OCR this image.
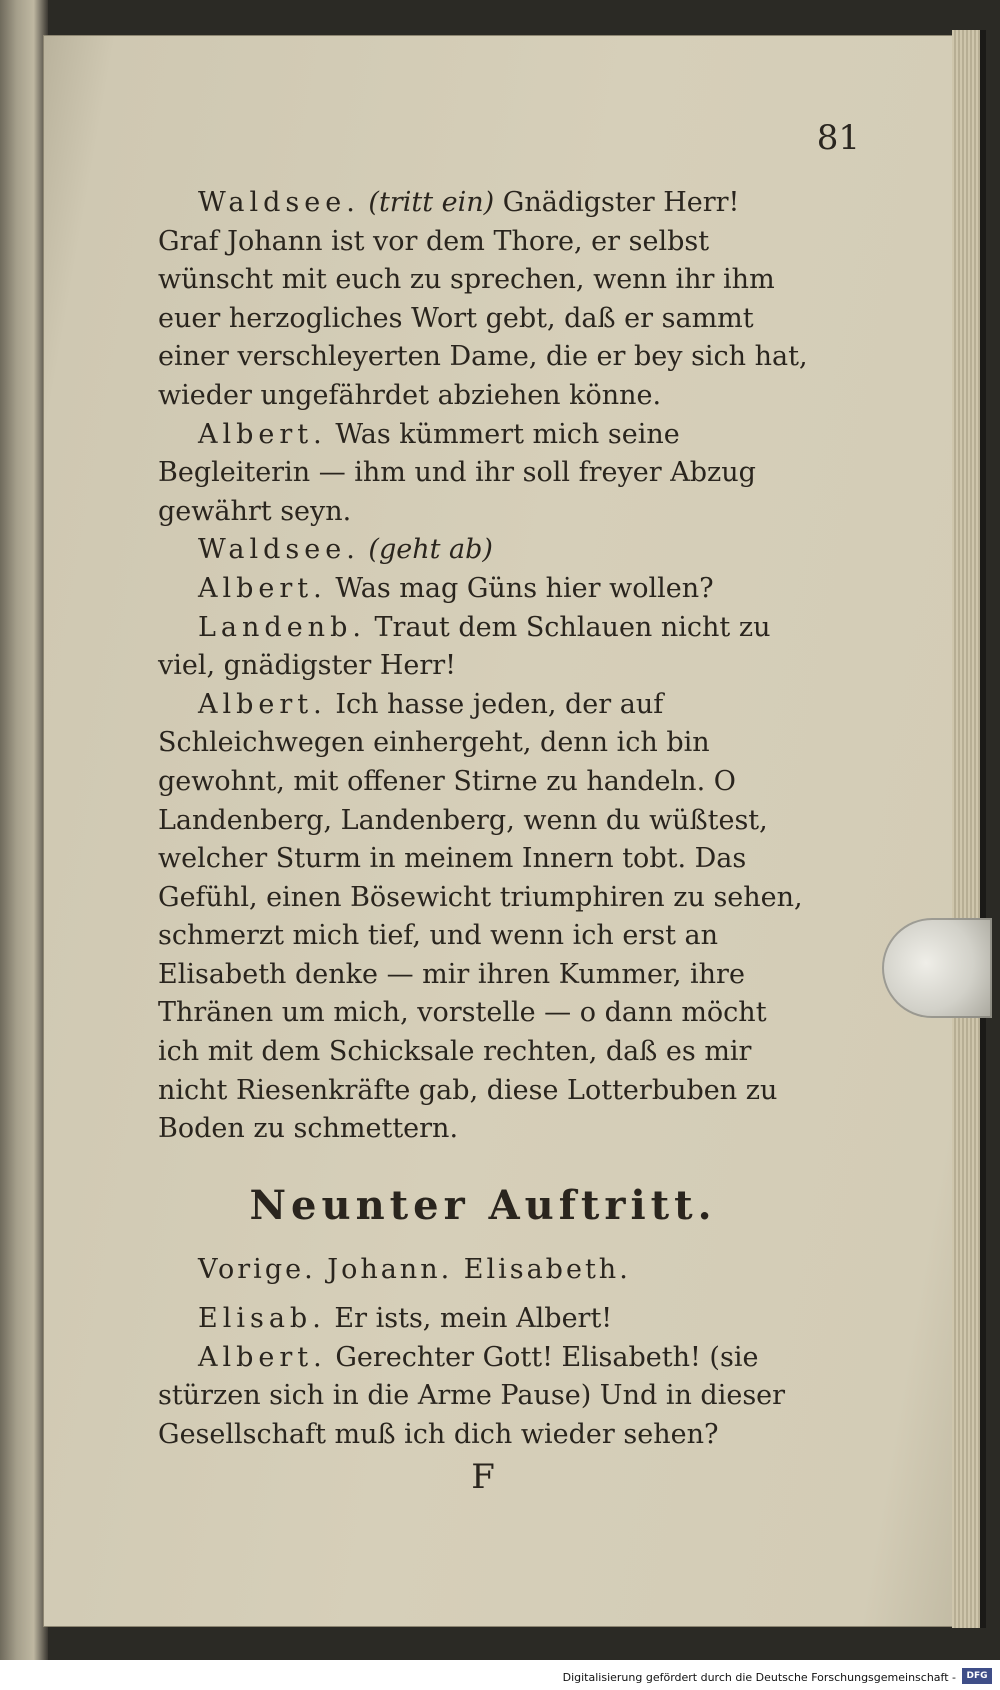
81

Waldsee. (tritt ein) Gnädigster Herr! Graf Johann ist vor dem Thore, er selbst wünscht mit euch zu sprechen, wenn ihr ihm euer herzogliches Wort gebt, daß er sammt einer verschleyerten Dame, die er bey sich hat, wieder ungefährdet abziehen könne.

Albert. Was kümmert mich seine Begleiterin — ihm und ihr soll freyer Abzug gewährt seyn.

Waldsee. (geht ab)

Albert. Was mag Güns hier wollen?

Landenb. Traut dem Schlauen nicht zu viel, gnädigster Herr!

Albert. Ich hasse jeden, der auf Schleichwegen einhergeht, denn ich bin gewohnt, mit offener Stirne zu handeln. O Landenberg, Landenberg, wenn du wüßtest, welcher Sturm in meinem Innern tobt. Das Gefühl, einen Bösewicht triumphiren zu sehen, schmerzt mich tief, und wenn ich erst an Elisabeth denke — mir ihren Kummer, ihre Thränen um mich, vorstelle — o dann möcht ich mit dem Schicksale rechten, daß es mir nicht Riesenkräfte gab, diese Lotterbuben zu Boden zu schmettern.

Neunter Auftritt.

Vorige. Johann. Elisabeth.

Elisab. Er ists, mein Albert!

Albert. Gerechter Gott! Elisabeth! (sie stürzen sich in die Arme Pause) Und in dieser Gesellschaft muß ich dich wieder sehen?

F

Digitalisierung gefördert durch die Deutsche Forschungsgemeinschaft -	DFG
